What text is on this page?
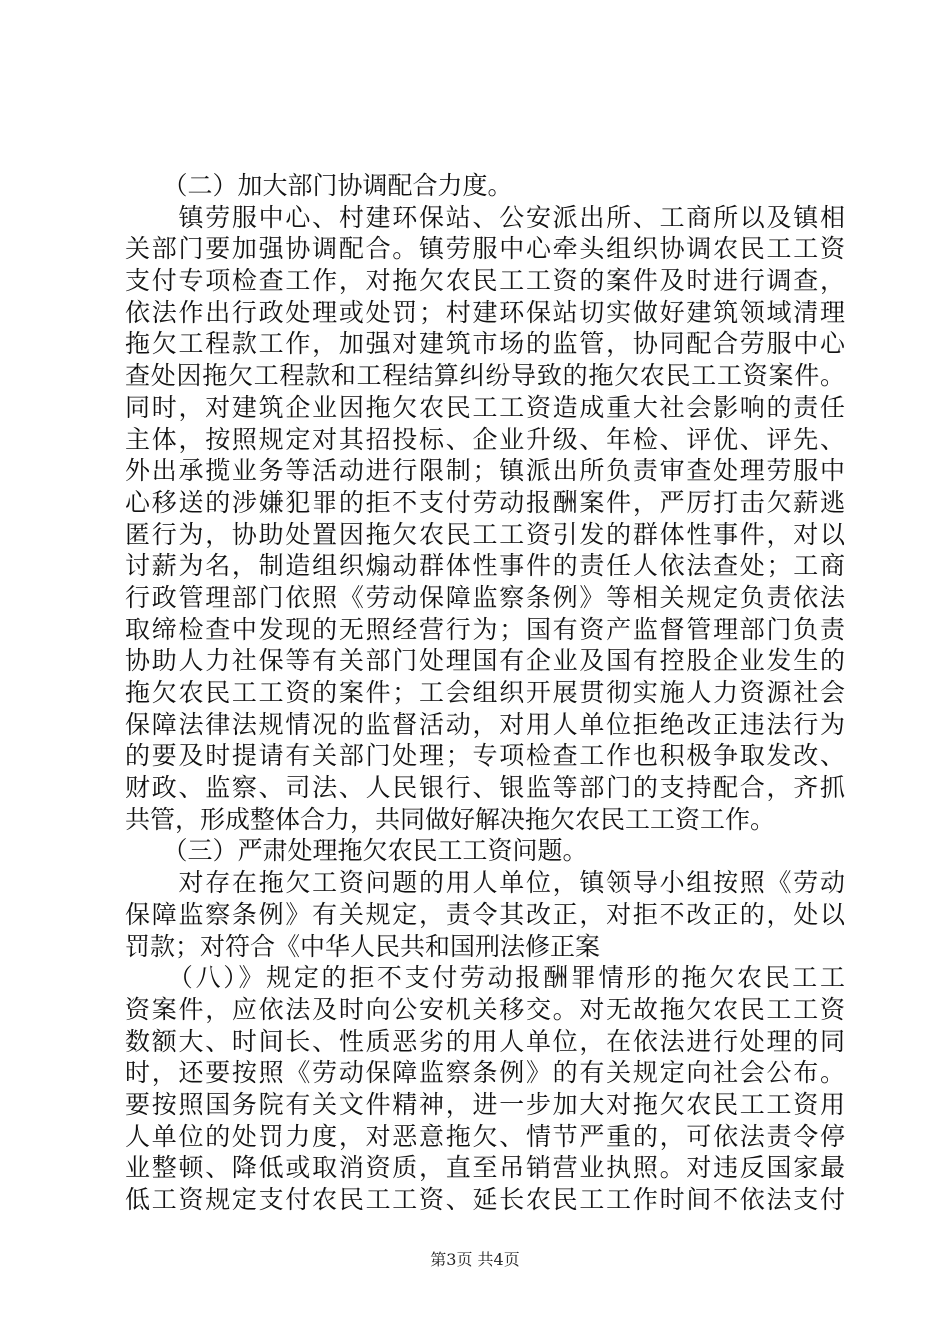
　　（二）加大部门协调配合力度。
　　镇劳服中心、村建环保站、公安派出所、工商所以及镇相
关部门要加强协调配合。镇劳服中心牵头组织协调农民工工资
支付专项检查工作，对拖欠农民工工资的案件及时进行调查，
依法作出行政处理或处罚；村建环保站切实做好建筑领域清理
拖欠工程款工作，加强对建筑市场的监管，协同配合劳服中心
查处因拖欠工程款和工程结算纠纷导致的拖欠农民工工资案件。
同时，对建筑企业因拖欠农民工工资造成重大社会影响的责任
主体，按照规定对其招投标、企业升级、年检、评优、评先、
外出承揽业务等活动进行限制；镇派出所负责审查处理劳服中
心移送的涉嫌犯罪的拒不支付劳动报酬案件，严厉打击欠薪逃
匿行为，协助处置因拖欠农民工工资引发的群体性事件，对以
讨薪为名，制造组织煽动群体性事件的责任人依法查处；工商
行政管理部门依照《劳动保障监察条例》等相关规定负责依法
取缔检查中发现的无照经营行为；国有资产监督管理部门负责
协助人力社保等有关部门处理国有企业及国有控股企业发生的
拖欠农民工工资的案件；工会组织开展贯彻实施人力资源社会
保障法律法规情况的监督活动，对用人单位拒绝改正违法行为
的要及时提请有关部门处理；专项检查工作也积极争取发改、
财政、监察、司法、人民银行、银监等部门的支持配合，齐抓
共管，形成整体合力，共同做好解决拖欠农民工工资工作。
　　（三）严肃处理拖欠农民工工资问题。
　　对存在拖欠工资问题的用人单位，镇领导小组按照《劳动
保障监察条例》有关规定，责令其改正，对拒不改正的，处以
罚款；对符合《中华人民共和国刑法修正案
　　（八）》规定的拒不支付劳动报酬罪情形的拖欠农民工工
资案件，应依法及时向公安机关移交。对无故拖欠农民工工资
数额大、时间长、性质恶劣的用人单位，在依法进行处理的同
时，还要按照《劳动保障监察条例》的有关规定向社会公布。
要按照国务院有关文件精神，进一步加大对拖欠农民工工资用
人单位的处罚力度，对恶意拖欠、情节严重的，可依法责令停
业整顿、降低或取消资质，直至吊销营业执照。对违反国家最
低工资规定支付农民工工资、延长农民工工作时间不依法支付
第3页 共4页
